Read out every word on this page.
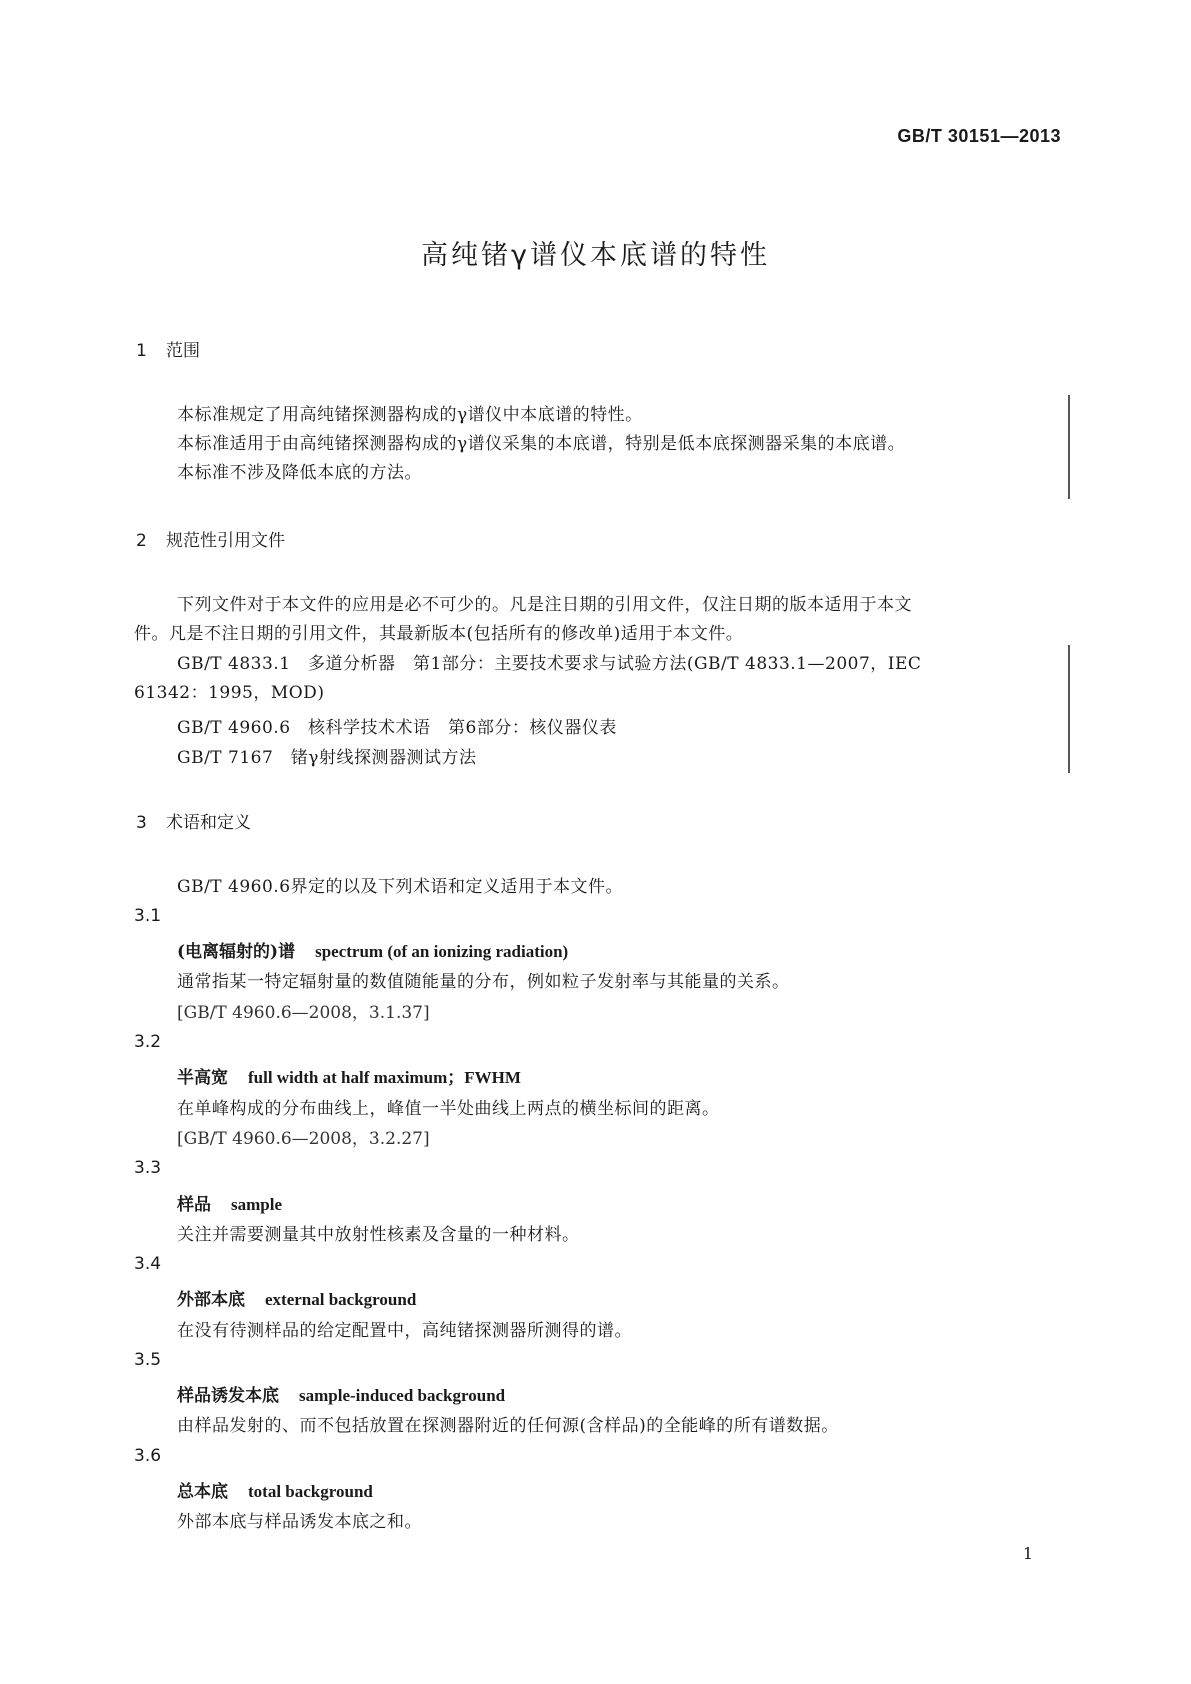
GB/T 30151—2013
高纯锗γ谱仪本底谱的特性
1 范围
本标准规定了用高纯锗探测器构成的γ谱仪中本底谱的特性。
本标准适用于由高纯锗探测器构成的γ谱仪采集的本底谱，特别是低本底探测器采集的本底谱。
本标准不涉及降低本底的方法。
2 规范性引用文件
下列文件对于本文件的应用是必不可少的。凡是注日期的引用文件，仅注日期的版本适用于本文
件。凡是不注日期的引用文件，其最新版本(包括所有的修改单)适用于本文件。
GB/T 4833.1　多道分析器　第1部分：主要技术要求与试验方法(GB/T 4833.1—2007，IEC
61342：1995，MOD)
GB/T 4960.6　核科学技术术语　第6部分：核仪器仪表
GB/T 7167　锗γ射线探测器测试方法
3 术语和定义
GB/T 4960.6界定的以及下列术语和定义适用于本文件。
3.1
(电离辐射的)谱 spectrum (of an ionizing radiation)
通常指某一特定辐射量的数值随能量的分布，例如粒子发射率与其能量的关系。
[GB/T 4960.6—2008，3.1.37]
3.2
半高宽 full width at half maximum；FWHM
在单峰构成的分布曲线上，峰值一半处曲线上两点的横坐标间的距离。
[GB/T 4960.6—2008，3.2.27]
3.3
样品 sample
关注并需要测量其中放射性核素及含量的一种材料。
3.4
外部本底 external background
在没有待测样品的给定配置中，高纯锗探测器所测得的谱。
3.5
样品诱发本底 sample-induced background
由样品发射的、而不包括放置在探测器附近的任何源(含样品)的全能峰的所有谱数据。
3.6
总本底 total background
外部本底与样品诱发本底之和。
1
